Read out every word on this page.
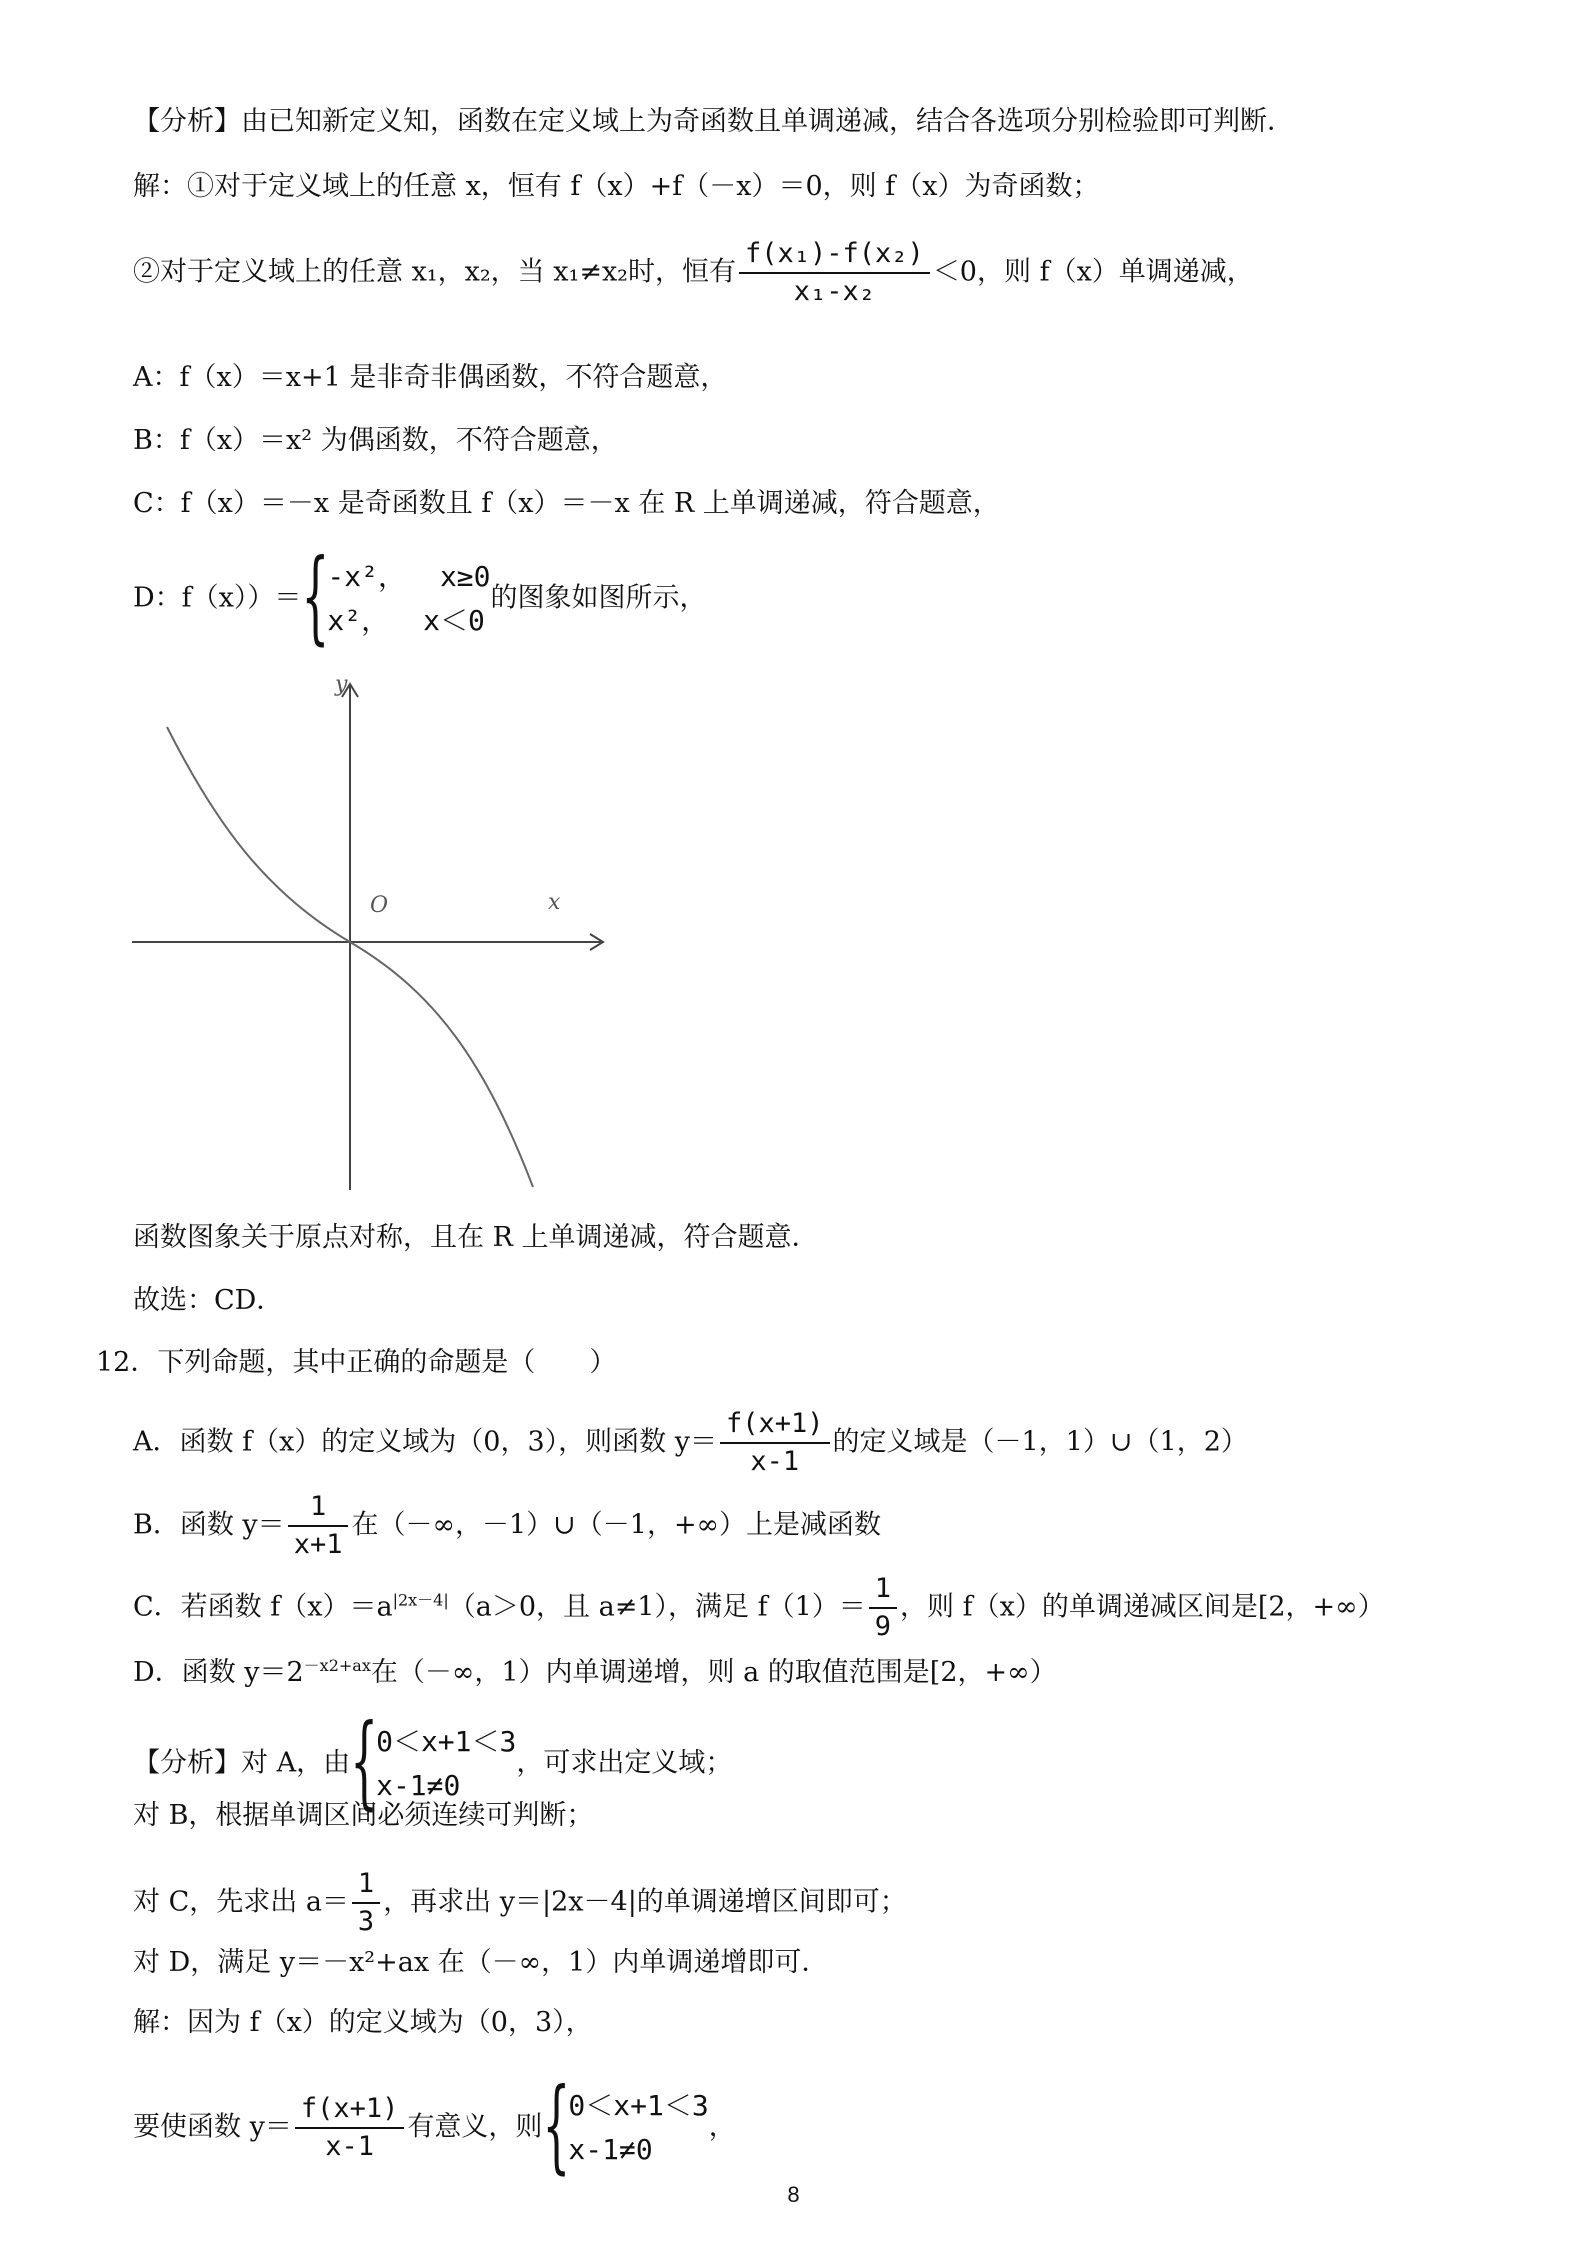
【分析】由已知新定义知，函数在定义域上为奇函数且单调递减，结合各选项分别检验即可判断．
解：①对于定义域上的任意 x，恒有 f（x）+f（－x）＝0，则 f（x）为奇函数；
②对于定义域上的任意 x₁，x₂，当 x₁≠x₂时，恒有 $\frac{\text{f(x₁)-f(x₂)}}{\text{x₁-x₂}} <0$，则 f（x）单调递减，
A：f（x）＝x+1 是非奇非偶函数，不符合题意，
B：f（x）＝x² 为偶函数，不符合题意，
C：f（x）＝－x 是奇函数且 f（x）＝－x 在 R 上单调递减，符合题意，
D：f（x））＝ {
-x²， x≥0
x²， x＜0
的图象如图所示，
y
x
O
函数图象关于原点对称，且在 R 上单调递减，符合题意．
故选：CD．
12．下列命题，其中正确的命题是（　　）
A．函数 f（x）的定义域为（0，3），则函数 $y= \frac{f(x+1)}{x-1}$ 的定义域是（－1，1）∪（1，2）
B．函数 $y= \frac{1}{x+1}$ 在（－∞，－1）∪（－1，+∞）上是减函数
C．若函数 $f(x)=a^{|2x-4|}(a>0$，且 a≠1），满足 $f(1)= \frac{1}{9}$ ，则 f（x）的单调递减区间是[2，+∞）
D．函数 $y=2^{-x2+ax}$在（－∞，1）内单调递增，则 a 的取值范围是[2，+∞）
【分析】对 A，由 {
0＜x+1＜3
x-1≠0
，可求出定义域；
对 B，根据单调区间必须连续可判断；
对 C，先求出 $a= \frac{1}{3}$ ，再求出 y＝|2x－4|的单调递增区间即可；
对 D，满足 y＝－x²+ax 在（－∞，1）内单调递增即可．
解：因为 f（x）的定义域为（0，3），
要使函数 $y= \frac{f(x+1)}{x-1}$ 有意义，则 {
0＜x+1＜3
x-1≠0
，
8
